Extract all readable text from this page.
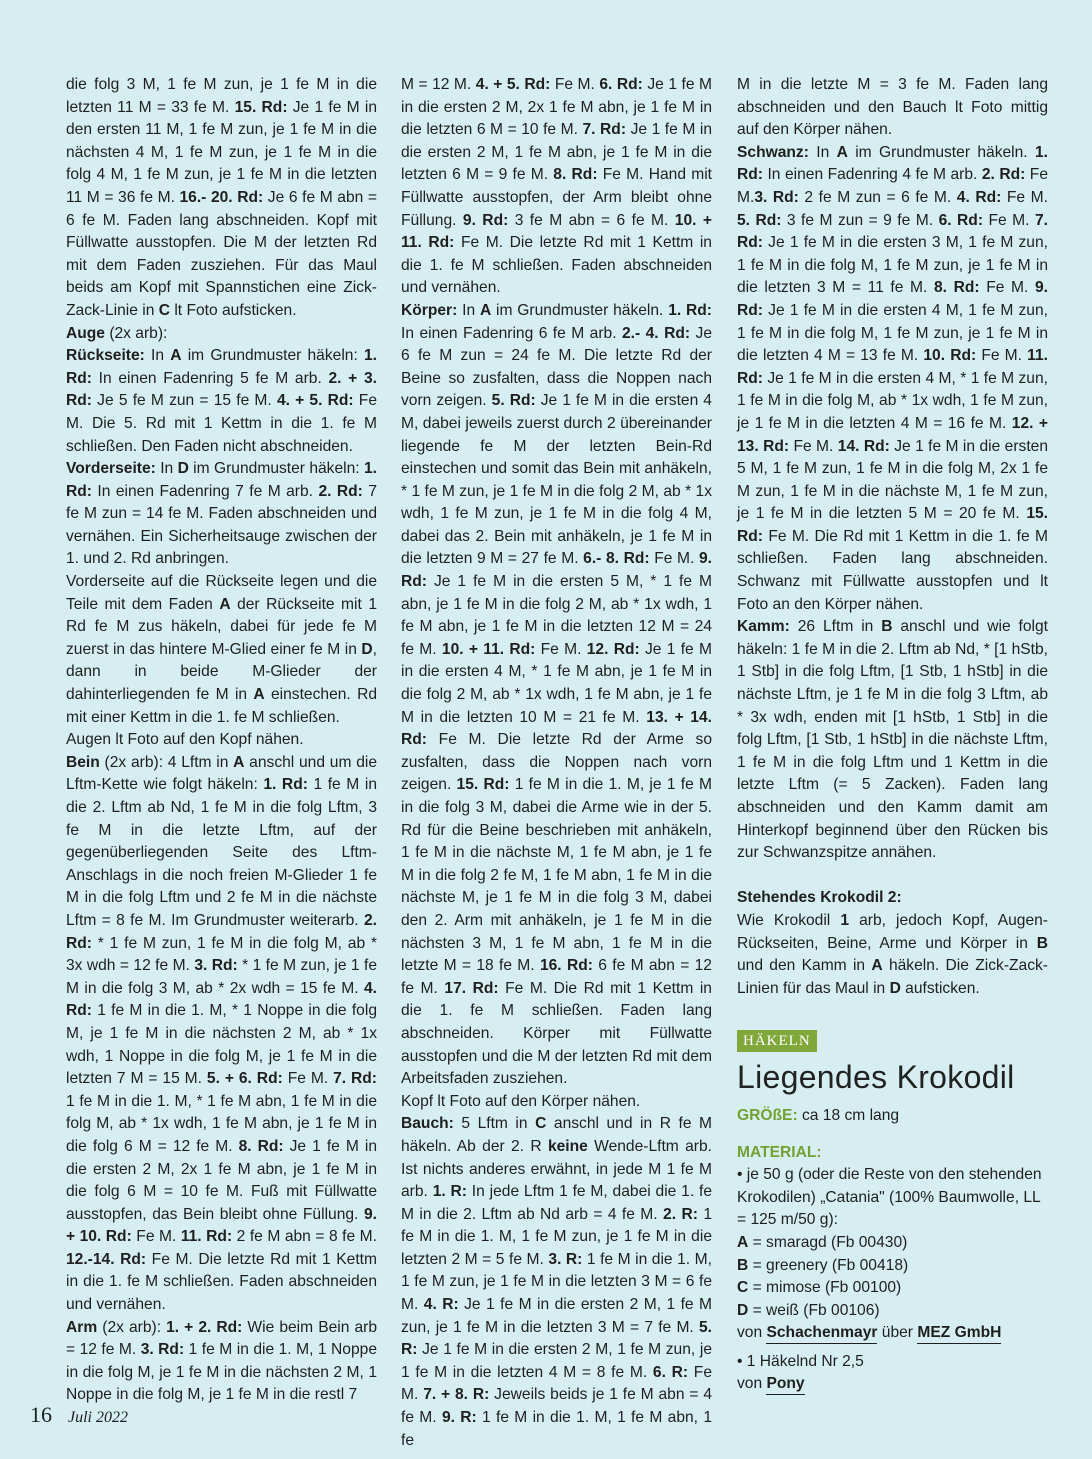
die folg 3 M, 1 fe M zun, je 1 fe M in die letzten 11 M = 33 fe M. 15. Rd: Je 1 fe M in den ersten 11 M, 1 fe M zun, je 1 fe M in die nächsten 4 M, 1 fe M zun, je 1 fe M in die folg 4 M, 1 fe M zun, je 1 fe M in die letzten 11 M = 36 fe M. 16.- 20. Rd: Je 6 fe M abn = 6 fe M. Faden lang abschneiden. Kopf mit Füllwatte ausstopfen. Die M der letzten Rd mit dem Faden zusziehen. Für das Maul beids am Kopf mit Spannstichen eine Zick-Zack-Linie in C lt Foto aufsticken.

Auge (2x arb):

Rückseite: In A im Grundmuster häkeln: 1. Rd: In einen Fadenring 5 fe M arb. 2. + 3. Rd: Je 5 fe M zun = 15 fe M. 4. + 5. Rd: Fe M. Die 5. Rd mit 1 Kettm in die 1. fe M schließen. Den Faden nicht abschneiden.

Vorderseite: In D im Grundmuster häkeln: 1. Rd: In einen Fadenring 7 fe M arb. 2. Rd: 7 fe M zun = 14 fe M. Faden abschneiden und vernähen. Ein Sicherheitsauge zwischen der 1. und 2. Rd anbringen.

Vorderseite auf die Rückseite legen und die Teile mit dem Faden A der Rückseite mit 1 Rd fe M zus häkeln, dabei für jede fe M zuerst in das hintere M-Glied einer fe M in D, dann in beide M-Glieder der dahinterliegenden fe M in A einstechen. Rd mit einer Kettm in die 1. fe M schließen.

Augen lt Foto auf den Kopf nähen.

Bein (2x arb): 4 Lftm in A anschl und um die Lftm-Kette wie folgt häkeln: 1. Rd: 1 fe M in die 2. Lftm ab Nd, 1 fe M in die folg Lftm, 3 fe M in die letzte Lftm, auf der gegenüberliegenden Seite des Lftm-Anschlags in die noch freien M-Glieder 1 fe M in die folg Lftm und 2 fe M in die nächste Lftm = 8 fe M. Im Grundmuster weiterarb. 2. Rd: * 1 fe M zun, 1 fe M in die folg M, ab * 3x wdh = 12 fe M. 3. Rd: * 1 fe M zun, je 1 fe M in die folg 3 M, ab * 2x wdh = 15 fe M. 4. Rd: 1 fe M in die 1. M, * 1 Noppe in die folg M, je 1 fe M in die nächsten 2 M, ab * 1x wdh, 1 Noppe in die folg M, je 1 fe M in die letzten 7 M = 15 M. 5. + 6. Rd: Fe M. 7. Rd: 1 fe M in die 1. M, * 1 fe M abn, 1 fe M in die folg M, ab * 1x wdh, 1 fe M abn, je 1 fe M in die folg 6 M = 12 fe M. 8. Rd: Je 1 fe M in die ersten 2 M, 2x 1 fe M abn, je 1 fe M in die folg 6 M = 10 fe M. Fuß mit Füllwatte ausstopfen, das Bein bleibt ohne Füllung. 9. + 10. Rd: Fe M. 11. Rd: 2 fe M abn = 8 fe M. 12.-14. Rd: Fe M. Die letzte Rd mit 1 Kettm in die 1. fe M schließen. Faden abschneiden und vernähen.

Arm (2x arb): 1. + 2. Rd: Wie beim Bein arb = 12 fe M. 3. Rd: 1 fe M in die 1. M, 1 Noppe in die folg M, je 1 fe M in die nächsten 2 M, 1 Noppe in die folg M, je 1 fe M in die restl 7

M = 12 M. 4. + 5. Rd: Fe M. 6. Rd: Je 1 fe M in die ersten 2 M, 2x 1 fe M abn, je 1 fe M in die letzten 6 M = 10 fe M. 7. Rd: Je 1 fe M in die ersten 2 M, 1 fe M abn, je 1 fe M in die letzten 6 M = 9 fe M. 8. Rd: Fe M. Hand mit Füllwatte ausstopfen, der Arm bleibt ohne Füllung. 9. Rd: 3 fe M abn = 6 fe M. 10. + 11. Rd: Fe M. Die letzte Rd mit 1 Kettm in die 1. fe M schließen. Faden abschneiden und vernähen.

Körper: In A im Grundmuster häkeln. 1. Rd: In einen Fadenring 6 fe M arb. 2.- 4. Rd: Je 6 fe M zun = 24 fe M. Die letzte Rd der Beine so zusfalten, dass die Noppen nach vorn zeigen. 5. Rd: Je 1 fe M in die ersten 4 M, dabei jeweils zuerst durch 2 übereinander liegende fe M der letzten Bein-Rd einstechen und somit das Bein mit anhäkeln, * 1 fe M zun, je 1 fe M in die folg 2 M, ab * 1x wdh, 1 fe M zun, je 1 fe M in die folg 4 M, dabei das 2. Bein mit anhäkeln, je 1 fe M in die letzten 9 M = 27 fe M. 6.- 8. Rd: Fe M. 9. Rd: Je 1 fe M in die ersten 5 M, * 1 fe M abn, je 1 fe M in die folg 2 M, ab * 1x wdh, 1 fe M abn, je 1 fe M in die letzten 12 M = 24 fe M. 10. + 11. Rd: Fe M. 12. Rd: Je 1 fe M in die ersten 4 M, * 1 fe M abn, je 1 fe M in die folg 2 M, ab * 1x wdh, 1 fe M abn, je 1 fe M in die letzten 10 M = 21 fe M. 13. + 14. Rd: Fe M. Die letzte Rd der Arme so zusfalten, dass die Noppen nach vorn zeigen. 15. Rd: 1 fe M in die 1. M, je 1 fe M in die folg 3 M, dabei die Arme wie in der 5. Rd für die Beine beschrieben mit anhäkeln, 1 fe M in die nächste M, 1 fe M abn, je 1 fe M in die folg 2 fe M, 1 fe M abn, 1 fe M in die nächste M, je 1 fe M in die folg 3 M, dabei den 2. Arm mit anhäkeln, je 1 fe M in die nächsten 3 M, 1 fe M abn, 1 fe M in die letzte M = 18 fe M. 16. Rd: 6 fe M abn = 12 fe M. 17. Rd: Fe M. Die Rd mit 1 Kettm in die 1. fe M schließen. Faden lang abschneiden. Körper mit Füllwatte ausstopfen und die M der letzten Rd mit dem Arbeitsfaden zusziehen.

Kopf lt Foto auf den Körper nähen.

Bauch: 5 Lftm in C anschl und in R fe M häkeln. Ab der 2. R keine Wende-Lftm arb. Ist nichts anderes erwähnt, in jede M 1 fe M arb. 1. R: In jede Lftm 1 fe M, dabei die 1. fe M in die 2. Lftm ab Nd arb = 4 fe M. 2. R: 1 fe M in die 1. M, 1 fe M zun, je 1 fe M in die letzten 2 M = 5 fe M. 3. R: 1 fe M in die 1. M, 1 fe M zun, je 1 fe M in die letzten 3 M = 6 fe M. 4. R: Je 1 fe M in die ersten 2 M, 1 fe M zun, je 1 fe M in die letzten 3 M = 7 fe M. 5. R: Je 1 fe M in die ersten 2 M, 1 fe M zun, je 1 fe M in die letzten 4 M = 8 fe M. 6. R: Fe M. 7. + 8. R: Jeweils beids je 1 fe M abn = 4 fe M. 9. R: 1 fe M in die 1. M, 1 fe M abn, 1 fe

M in die letzte M = 3 fe M. Faden lang abschneiden und den Bauch lt Foto mittig auf den Körper nähen.

Schwanz: In A im Grundmuster häkeln. 1. Rd: In einen Fadenring 4 fe M arb. 2. Rd: Fe M.3. Rd: 2 fe M zun = 6 fe M. 4. Rd: Fe M. 5. Rd: 3 fe M zun = 9 fe M. 6. Rd: Fe M. 7. Rd: Je 1 fe M in die ersten 3 M, 1 fe M zun, 1 fe M in die folg M, 1 fe M zun, je 1 fe M in die letzten 3 M = 11 fe M. 8. Rd: Fe M. 9. Rd: Je 1 fe M in die ersten 4 M, 1 fe M zun, 1 fe M in die folg M, 1 fe M zun, je 1 fe M in die letzten 4 M = 13 fe M. 10. Rd: Fe M. 11. Rd: Je 1 fe M in die ersten 4 M, * 1 fe M zun, 1 fe M in die folg M, ab * 1x wdh, 1 fe M zun, je 1 fe M in die letzten 4 M = 16 fe M. 12. + 13. Rd: Fe M. 14. Rd: Je 1 fe M in die ersten 5 M, 1 fe M zun, 1 fe M in die folg M, 2x 1 fe M zun, 1 fe M in die nächste M, 1 fe M zun, je 1 fe M in die letzten 5 M = 20 fe M. 15. Rd: Fe M. Die Rd mit 1 Kettm in die 1. fe M schließen. Faden lang abschneiden. Schwanz mit Füllwatte ausstopfen und lt Foto an den Körper nähen.

Kamm: 26 Lftm in B anschl und wie folgt häkeln: 1 fe M in die 2. Lftm ab Nd, * [1 hStb, 1 Stb] in die folg Lftm, [1 Stb, 1 hStb] in die nächste Lftm, je 1 fe M in die folg 3 Lftm, ab * 3x wdh, enden mit [1 hStb, 1 Stb] in die folg Lftm, [1 Stb, 1 hStb] in die nächste Lftm, 1 fe M in die folg Lftm und 1 Kettm in die letzte Lftm (= 5 Zacken). Faden lang abschneiden und den Kamm damit am Hinterkopf beginnend über den Rücken bis zur Schwanzspitze annähen.

Stehendes Krokodil 2:

Wie Krokodil 1 arb, jedoch Kopf, Augen-Rückseiten, Beine, Arme und Körper in B und den Kamm in A häkeln. Die Zick-Zack-Linien für das Maul in D aufsticken.

HÄKELN
Liegendes Krokodil

GRÖßE: ca 18 cm lang

MATERIAL:

• je 50 g (oder die Reste von den stehenden Krokodilen) „Catania" (100% Baumwolle, LL = 125 m/50 g):

A = smaragd (Fb 00430)

B = greenery (Fb 00418)

C = mimose (Fb 00100)

D = weiß (Fb 00106)

von Schachenmayr über MEZ GmbH

• 1 Häkelnd Nr 2,5

von Pony

16 Juli 2022
